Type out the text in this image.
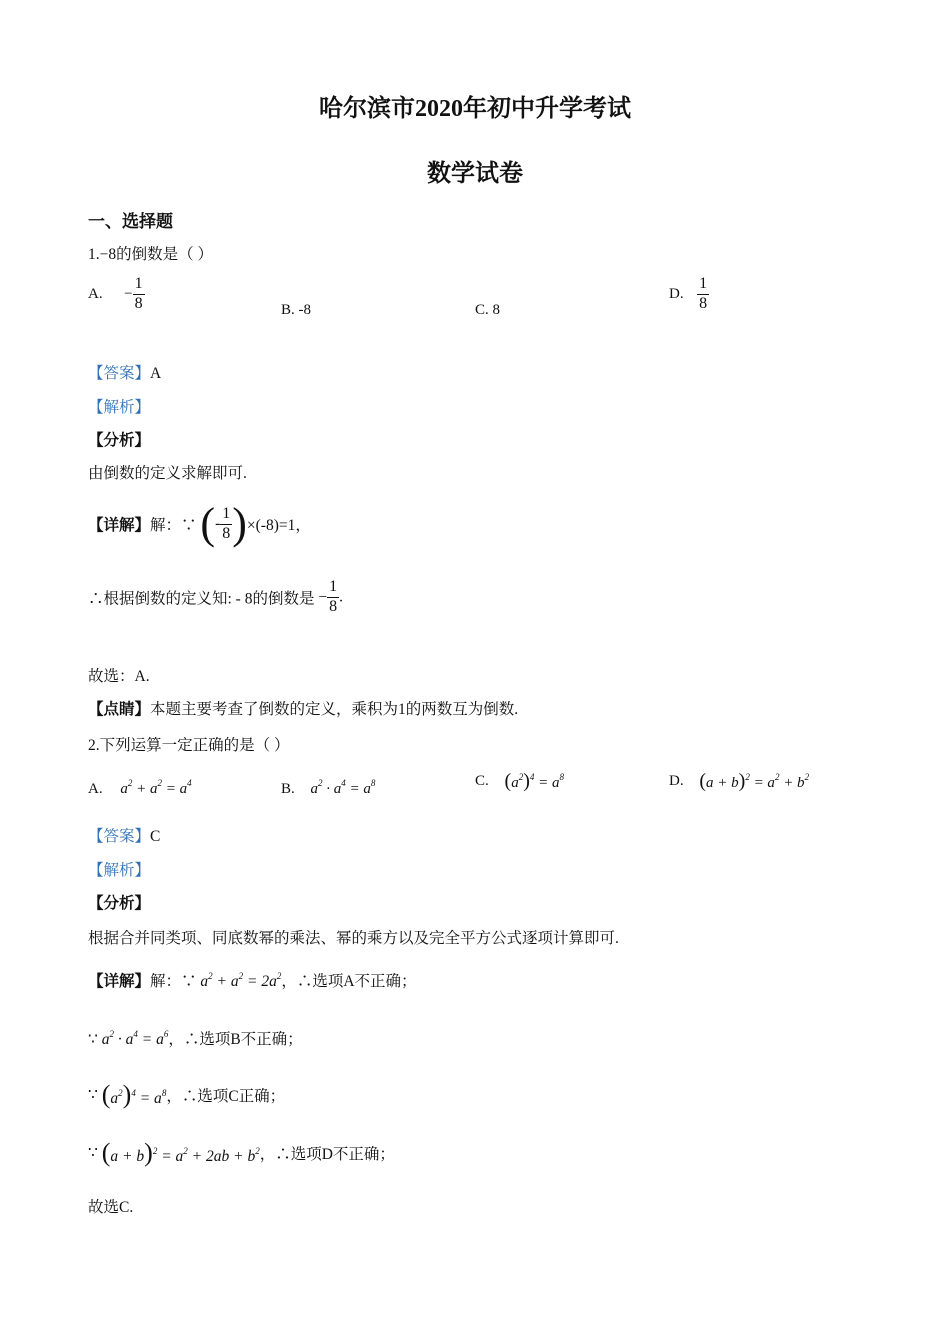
哈尔滨市2020年初中升学考试
数学试卷
一、选择题
1.−8的倒数是（ ）
A. − $\frac{1}{8}$	B. -8	C. 8
D. $\frac{1}{8}$
【答案】A
【解析】
【分析】
由倒数的定义求解即可.
【详解】解：∵ (- $\frac{1}{8} )\times(-8)=1$，
∴根据倒数的定义知: - 8的倒数是 − $\frac{1}{8}$ .
故选：A.
【点睛】本题主要考查了倒数的定义，乘积为1的两数互为倒数.
2.下列运算一定正确的是（ ）
A. $a^2 + a^2 = a^4$	B. $a^2 \cdot a^4 = a^8$	C. $(a^2)^4 = a^8$	D. $(a + b)^2 = a^2 + b^2$
【答案】C
【解析】
【分析】
根据合并同类项、同底数幂的乘法、幂的乘方以及完全平方公式逐项计算即可.
【详解】解：∵ $a^2 + a^2 = 2a^2$，∴选项A不正确；
∵ $a^2 \cdot a^4 = a^6$，∴选项B不正确；
∵ $(a^2)^4 = a^8$，∴选项C正确；
∵ $(a + b)^2 = a^2 + 2ab + b^2$，∴选项D不正确；
故选C.
